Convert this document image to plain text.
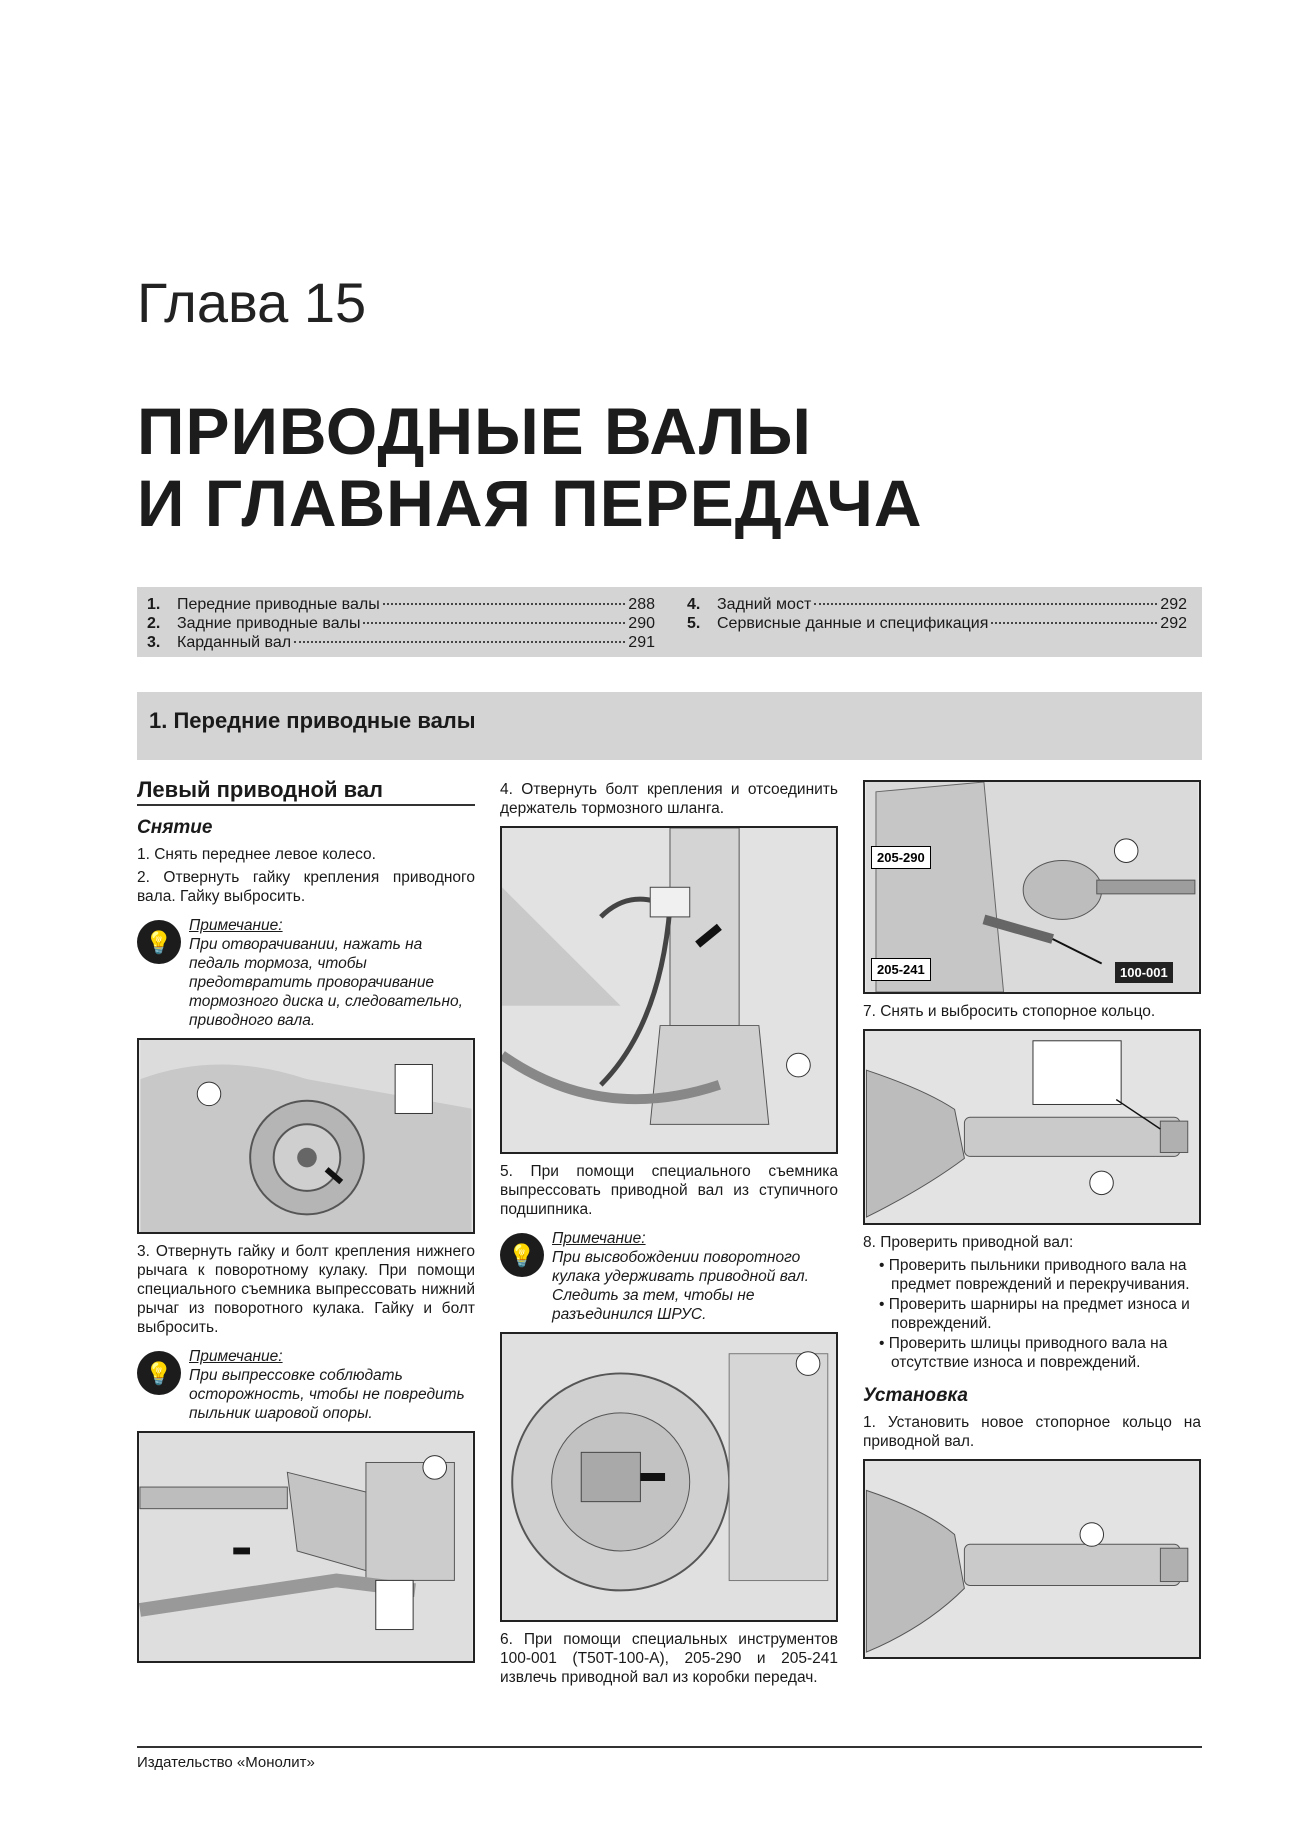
Глава 15
ПРИВОДНЫЕ ВАЛЫ
И ГЛАВНАЯ ПЕРЕДАЧА
1.	Передние приводные валы	288
2.	Задние приводные валы	290
3.	Карданный вал	291
4.	Задний мост	292
5.	Сервисные данные и спецификация	292
1. Передние приводные валы
Левый приводной вал
Снятие

1. Снять переднее левое колесо.

2. Отвернуть гайку крепления приводного вала. Гайку выбросить.

💡
Примечание:
При отворачивании, нажать на педаль тормоза, чтобы предотвратить проворачивание тормозного диска и, следовательно, приводного вала.

3. Отвернуть гайку и болт крепления нижнего рычага к поворотному кулаку. При помощи специального съемника выпрессовать нижний рычаг из поворотного кулака. Гайку и болт выбросить.

💡
Примечание:
При выпрессовке соблюдать осторожность, чтобы не повредить пыльник шаровой опоры.

4. Отвернуть болт крепления и отсоединить держатель тормозного шланга.

5. При помощи специального съемника выпрессовать приводной вал из ступичного подшипника.

💡
Примечание:
При высвобождении поворотного кулака удерживать приводной вал. Следить за тем, чтобы не разъединился ШРУС.

6. При помощи специальных инструментов 100-001 (T50T-100-A), 205-290 и 205-241 извлечь приводной вал из коробки передач.

205-290
205-241	100-001

7. Снять и выбросить стопорное кольцо.

8. Проверить приводной вал:

• Проверить пыльники приводного вала на предмет повреждений и перекручивания.
• Проверить шарниры на предмет износа и повреждений.
• Проверить шлицы приводного вала на отсутствие износа и повреждений.
Установка

1. Установить новое стопорное кольцо на приводной вал.

Издательство «Монолит»
